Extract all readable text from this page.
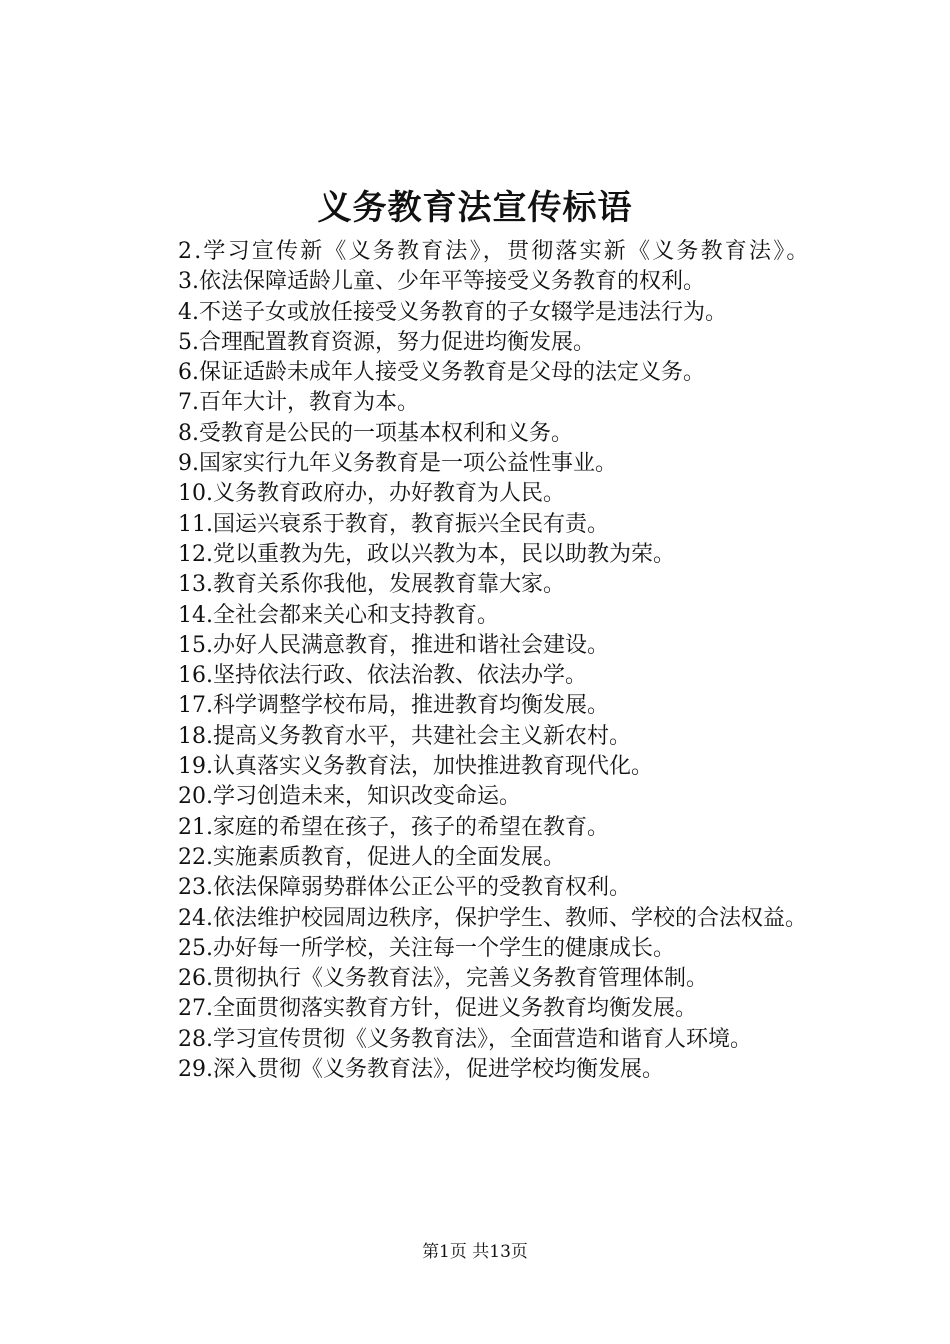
义务教育法宣传标语

2.学习宣传新《义务教育法》，贯彻落实新《义务教育法》。

3.依法保障适龄儿童、少年平等接受义务教育的权利。

4.不送子女或放任接受义务教育的子女辍学是违法行为。

5.合理配置教育资源，努力促进均衡发展。

6.保证适龄未成年人接受义务教育是父母的法定义务。

7.百年大计，教育为本。

8.受教育是公民的一项基本权利和义务。

9.国家实行九年义务教育是一项公益性事业。

10.义务教育政府办，办好教育为人民。

11.国运兴衰系于教育，教育振兴全民有责。

12.党以重教为先，政以兴教为本，民以助教为荣。

13.教育关系你我他，发展教育靠大家。

14.全社会都来关心和支持教育。

15.办好人民满意教育，推进和谐社会建设。

16.坚持依法行政、依法治教、依法办学。

17.科学调整学校布局，推进教育均衡发展。

18.提高义务教育水平，共建社会主义新农村。

19.认真落实义务教育法，加快推进教育现代化。

20.学习创造未来，知识改变命运。

21.家庭的希望在孩子，孩子的希望在教育。

22.实施素质教育，促进人的全面发展。

23.依法保障弱势群体公正公平的受教育权利。

24.依法维护校园周边秩序，保护学生、教师、学校的合法权益。

25.办好每一所学校，关注每一个学生的健康成长。

26.贯彻执行《义务教育法》，完善义务教育管理体制。

27.全面贯彻落实教育方针，促进义务教育均衡发展。

28.学习宣传贯彻《义务教育法》，全面营造和谐育人环境。

29.深入贯彻《义务教育法》，促进学校均衡发展。

第1页 共13页
